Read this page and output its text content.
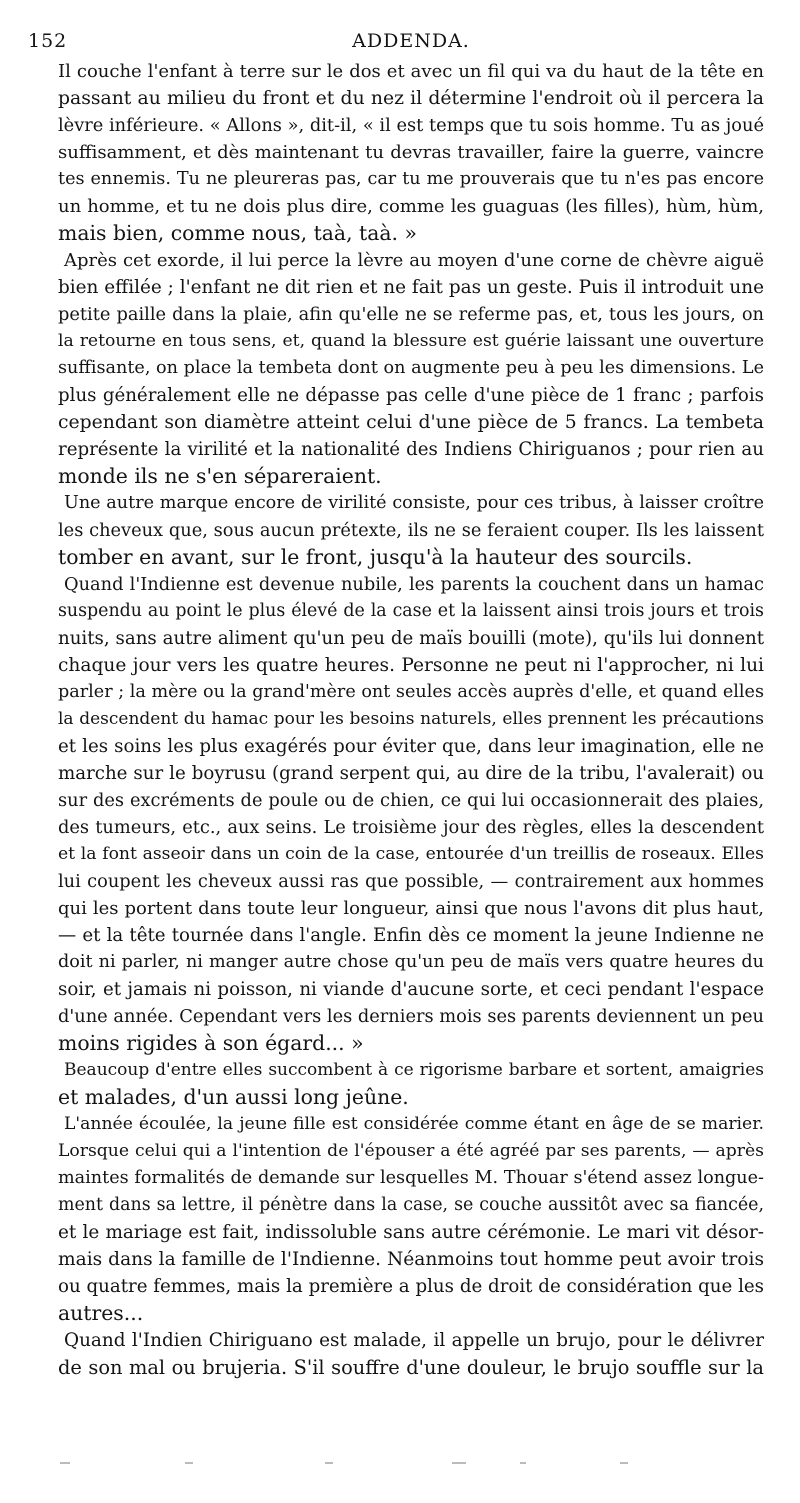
152	ADDENDA.
Il couche l'enfant à terre sur le dos et avec un fil qui va du haut de la tête en
passant au milieu du front et du nez il détermine l'endroit où il percera la
lèvre inférieure. « Allons », dit-il, « il est temps que tu sois homme. Tu as joué
suffisamment, et dès maintenant tu devras travailler, faire la guerre, vaincre
tes ennemis. Tu ne pleureras pas, car tu me prouverais que tu n'es pas encore
un homme, et tu ne dois plus dire, comme les guaguas (les filles), hùm, hùm,
mais bien, comme nous, taà, taà. »
Après cet exorde, il lui perce la lèvre au moyen d'une corne de chèvre aiguë
bien effilée ; l'enfant ne dit rien et ne fait pas un geste. Puis il introduit une
petite paille dans la plaie, afin qu'elle ne se referme pas, et, tous les jours, on
la retourne en tous sens, et, quand la blessure est guérie laissant une ouverture
suffisante, on place la tembeta dont on augmente peu à peu les dimensions. Le
plus généralement elle ne dépasse pas celle d'une pièce de 1 franc ; parfois
cependant son diamètre atteint celui d'une pièce de 5 francs. La tembeta
représente la virilité et la nationalité des Indiens Chiriguanos ; pour rien au
monde ils ne s'en sépareraient.
Une autre marque encore de virilité consiste, pour ces tribus, à laisser croître
les cheveux que, sous aucun prétexte, ils ne se feraient couper. Ils les laissent
tomber en avant, sur le front, jusqu'à la hauteur des sourcils.
Quand l'Indienne est devenue nubile, les parents la couchent dans un hamac
suspendu au point le plus élevé de la case et la laissent ainsi trois jours et trois
nuits, sans autre aliment qu'un peu de maïs bouilli (mote), qu'ils lui donnent
chaque jour vers les quatre heures. Personne ne peut ni l'approcher, ni lui
parler ; la mère ou la grand'mère ont seules accès auprès d'elle, et quand elles
la descendent du hamac pour les besoins naturels, elles prennent les précautions
et les soins les plus exagérés pour éviter que, dans leur imagination, elle ne
marche sur le boyrusu (grand serpent qui, au dire de la tribu, l'avalerait) ou
sur des excréments de poule ou de chien, ce qui lui occasionnerait des plaies,
des tumeurs, etc., aux seins. Le troisième jour des règles, elles la descendent
et la font asseoir dans un coin de la case, entourée d'un treillis de roseaux. Elles
lui coupent les cheveux aussi ras que possible, — contrairement aux hommes
qui les portent dans toute leur longueur, ainsi que nous l'avons dit plus haut,
— et la tête tournée dans l'angle. Enfin dès ce moment la jeune Indienne ne
doit ni parler, ni manger autre chose qu'un peu de maïs vers quatre heures du
soir, et jamais ni poisson, ni viande d'aucune sorte, et ceci pendant l'espace
d'une année. Cependant vers les derniers mois ses parents deviennent un peu
moins rigides à son égard... »
Beaucoup d'entre elles succombent à ce rigorisme barbare et sortent, amaigries
et malades, d'un aussi long jeûne.
L'année écoulée, la jeune fille est considérée comme étant en âge de se marier.
Lorsque celui qui a l'intention de l'épouser a été agréé par ses parents, — après
maintes formalités de demande sur lesquelles M. Thouar s'étend assez longue-
ment dans sa lettre, il pénètre dans la case, se couche aussitôt avec sa fiancée,
et le mariage est fait, indissoluble sans autre cérémonie. Le mari vit désor-
mais dans la famille de l'Indienne. Néanmoins tout homme peut avoir trois
ou quatre femmes, mais la première a plus de droit de considération que les
autres...
Quand l'Indien Chiriguano est malade, il appelle un brujo, pour le délivrer
de son mal ou brujeria. S'il souffre d'une douleur, le brujo souffle sur la
